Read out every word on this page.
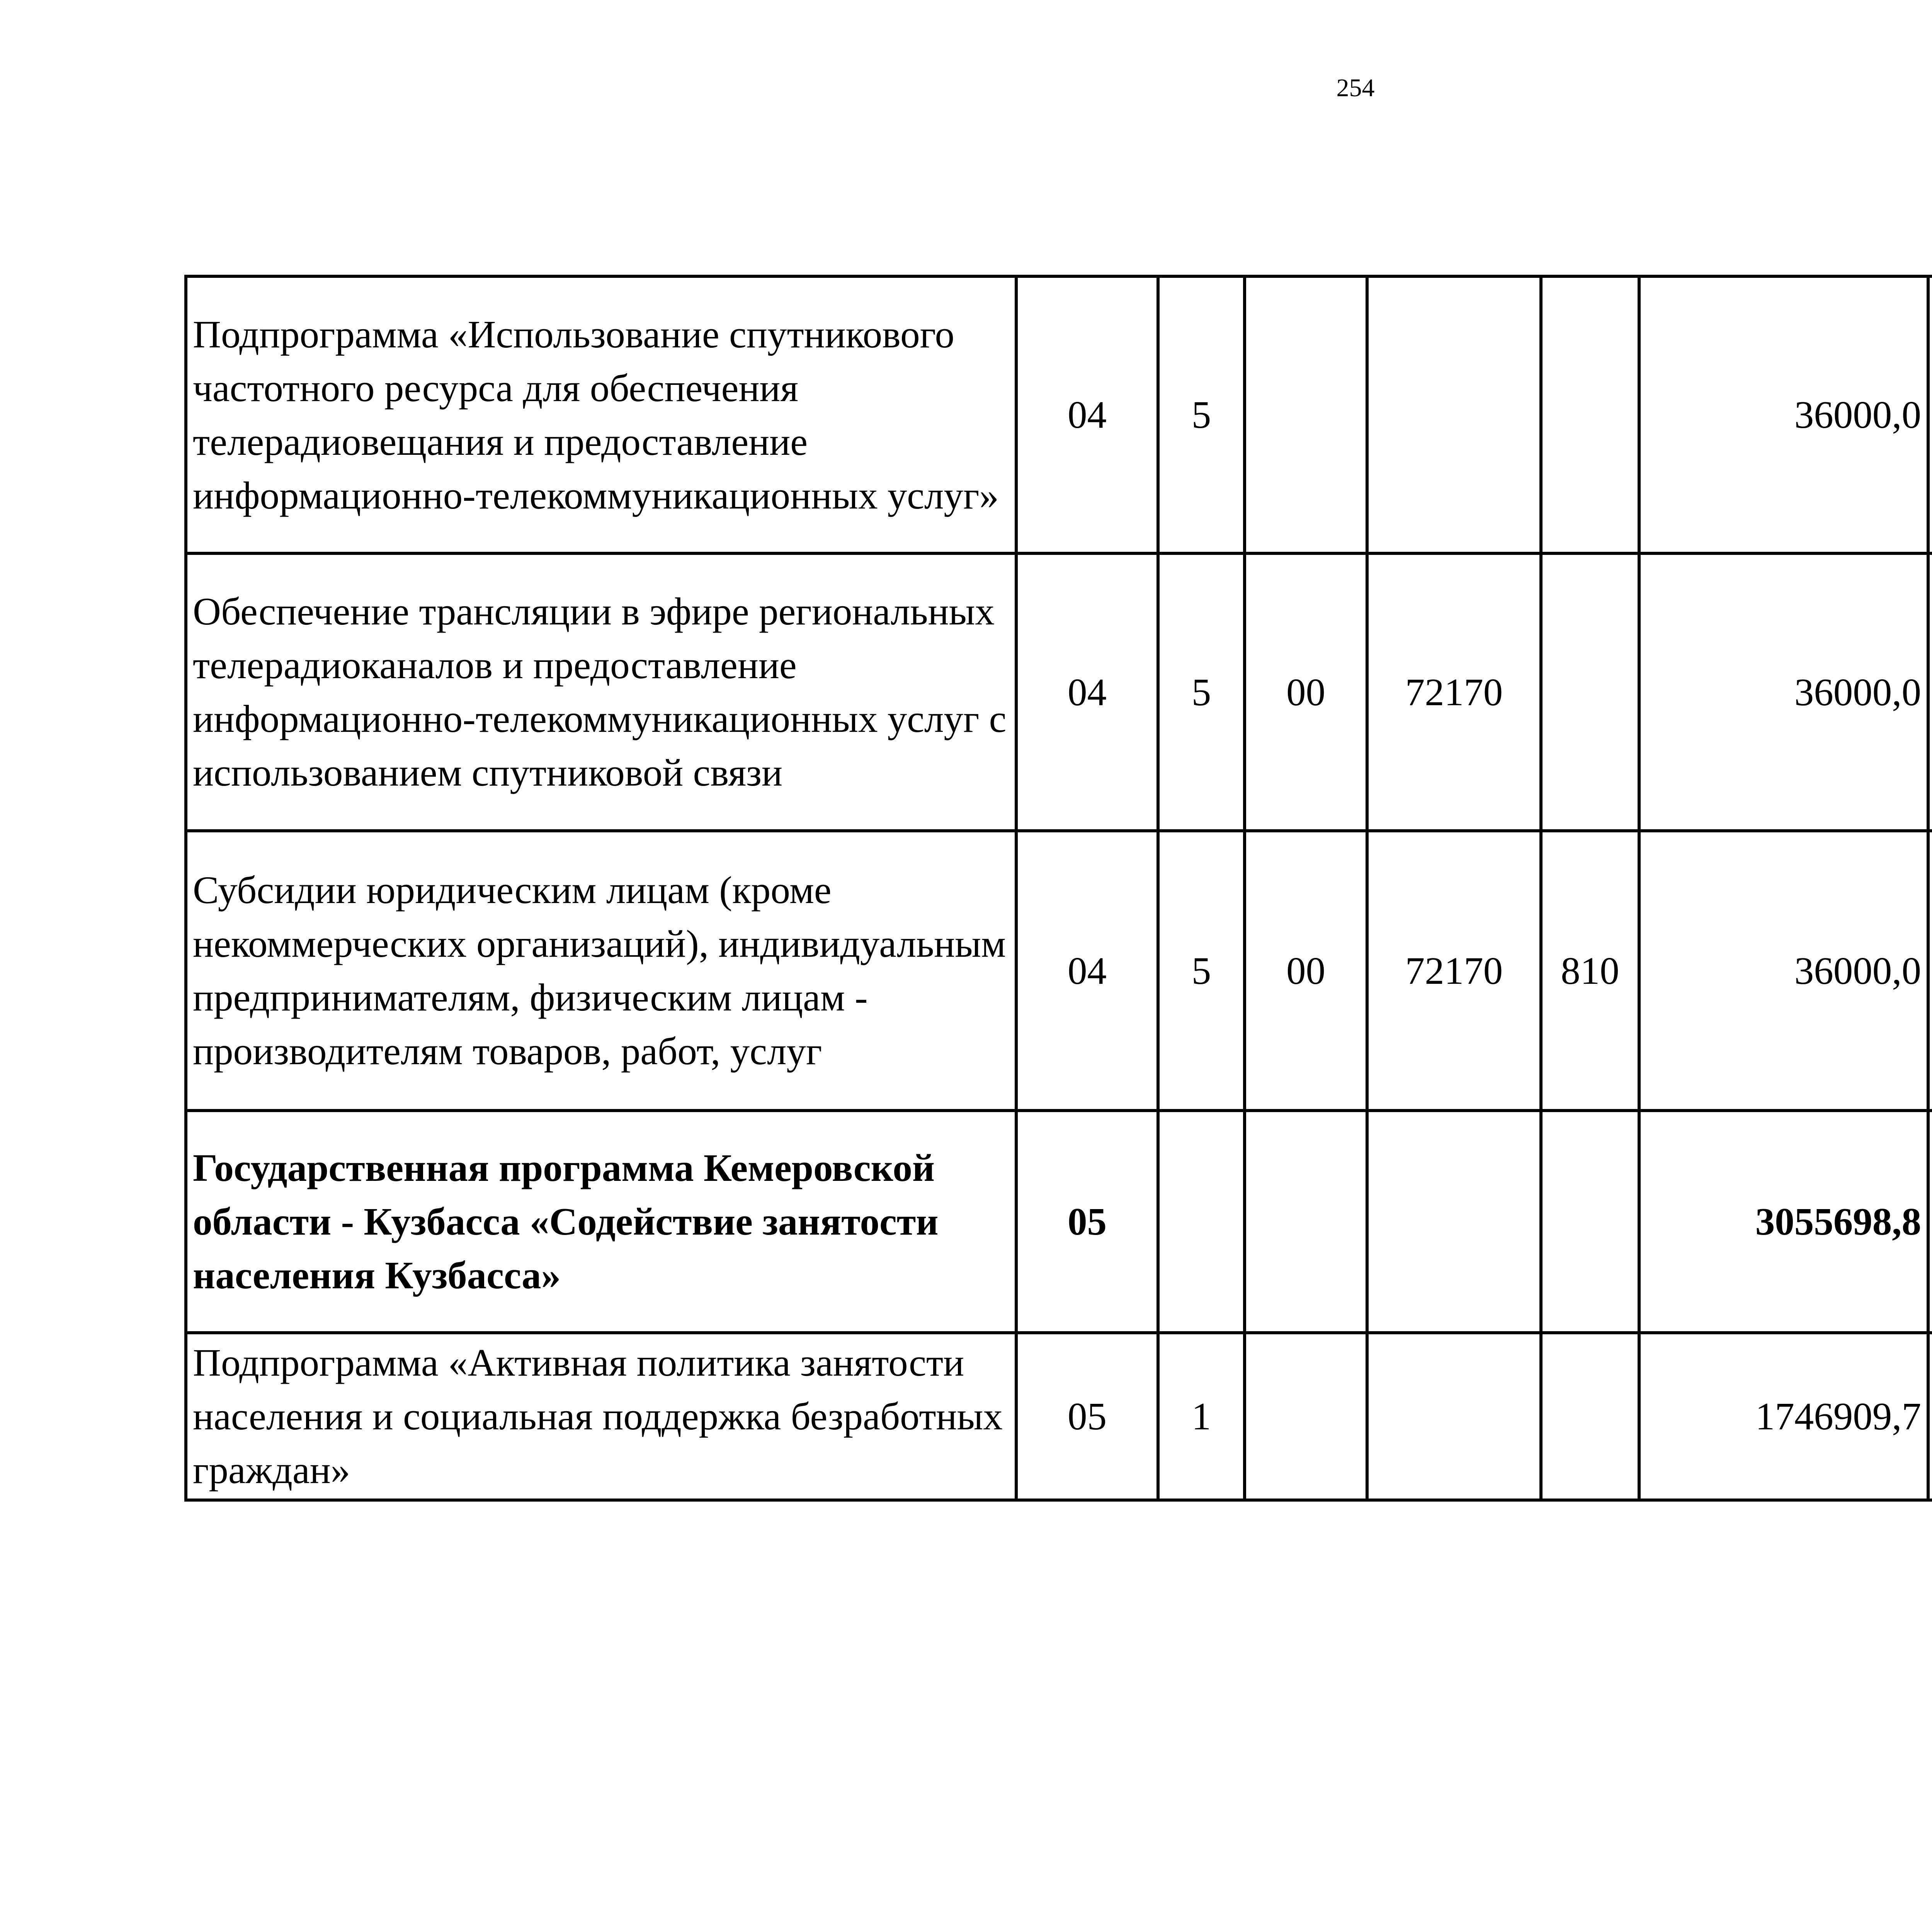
254
Подпрограмма «Использование спутникового частотного ресурса для обеспечения телерадиовещания и предоставление информационно-телекоммуникационных услуг»	04	5				36000,0		
Обеспечение трансляции в эфире региональных телерадиоканалов и предоставление информационно-телекоммуникационных услуг с использованием спутниковой связи	04	5	00	72170		36000,0		
Субсидии юридическим лицам (кроме некоммерческих организаций), индивидуальным предпринимателям, физическим лицам - производителям товаров, работ, услуг	04	5	00	72170	810	36000,0		
Государственная программа Кемеровской области - Кузбасса «Содействие занятости населения Кузбасса»	05					3055698,8		
Подпрограмма «Активная политика занятости населения и социальная поддержка безработных граждан»	05	1				1746909,7		
